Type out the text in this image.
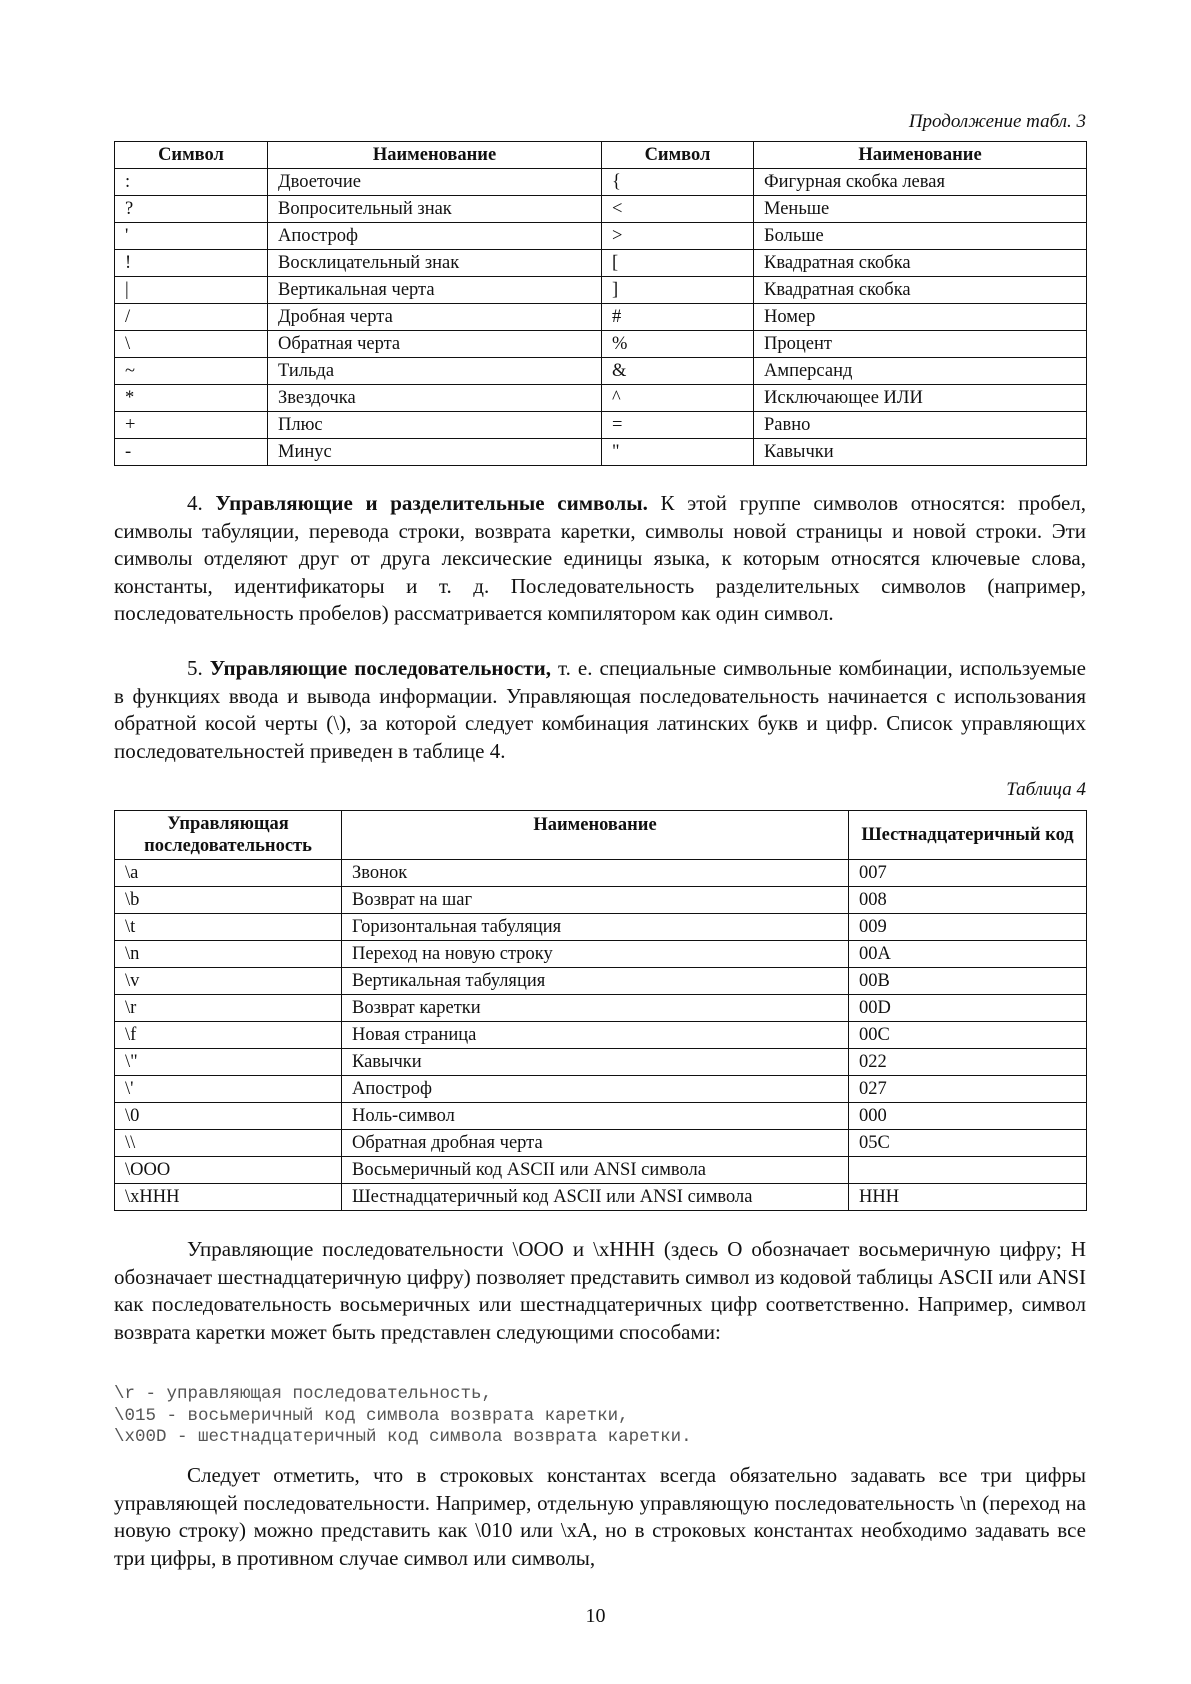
Продолжение табл. 3
Символ	Наименование	Символ	Наименование
:	Двоеточие	{	Фигурная скобка левая
?	Вопросительный знак	<	Меньше
'	Апостроф	>	Больше
!	Восклицательный знак	[	Квадратная скобка
|	Вертикальная черта	]	Квадратная скобка
/	Дробная черта	#	Номер
\	Обратная черта	%	Процент
~	Тильда	&	Амперсанд
*	Звездочка	^	Исключающее ИЛИ
+	Плюс	=	Равно
-	Минус	"	Кавычки

4. Управляющие и разделительные символы. К этой группе символов относятся: пробел, символы табуляции, перевода строки, возврата каретки, символы новой страницы и новой строки. Эти символы отделяют друг от друга лексические единицы языка, к которым относятся ключевые слова, константы, идентификаторы и т. д. Последовательность разделительных символов (например, последовательность пробелов) рассматривается компилятором как один символ.

5. Управляющие последовательности, т. е. специальные символьные комбинации, используемые в функциях ввода и вывода информации. Управляющая последовательность начинается с использования обратной косой черты (\), за которой следует комбинация латинских букв и цифр. Список управляющих последовательностей приведен в таблице 4.

Таблица 4
Управляющая последовательность	Наименование	Шестнадцатеричный код
\a	Звонок	007
\b	Возврат на шаг	008
\t	Горизонтальная табуляция	009
\n	Переход на новую строку	00A
\v	Вертикальная табуляция	00B
\r	Возврат каретки	00D
\f	Новая страница	00C
\"	Кавычки	022
\'	Апостроф	027
\0	Ноль-символ	000
\\	Обратная дробная черта	05C
\OOO	Восьмеричный код ASCII или ANSI символа	
\xHHH	Шестнадцатеричный код ASCII или ANSI символа	HHH

Управляющие последовательности \OOO и \xHHH (здесь O обозначает восьмеричную цифру; H обозначает шестнадцатеричную цифру) позволяет представить символ из кодовой таблицы ASCII или ANSI как последовательность восьмеричных или шестнадцатеричных цифр соответственно. Например, символ возврата каретки может быть представлен следующими способами:

\r - управляющая последовательность,
\015 - восьмеричный код символа возврата каретки,
\x00D - шестнадцатеричный код символа возврата каретки.

Следует отметить, что в строковых константах всегда обязательно задавать все три цифры управляющей последовательности. Например, отдельную управляющую последовательность \n (переход на новую строку) можно представить как \010 или \xA, но в строковых константах необходимо задавать все три цифры, в противном случае символ или символы,

10
